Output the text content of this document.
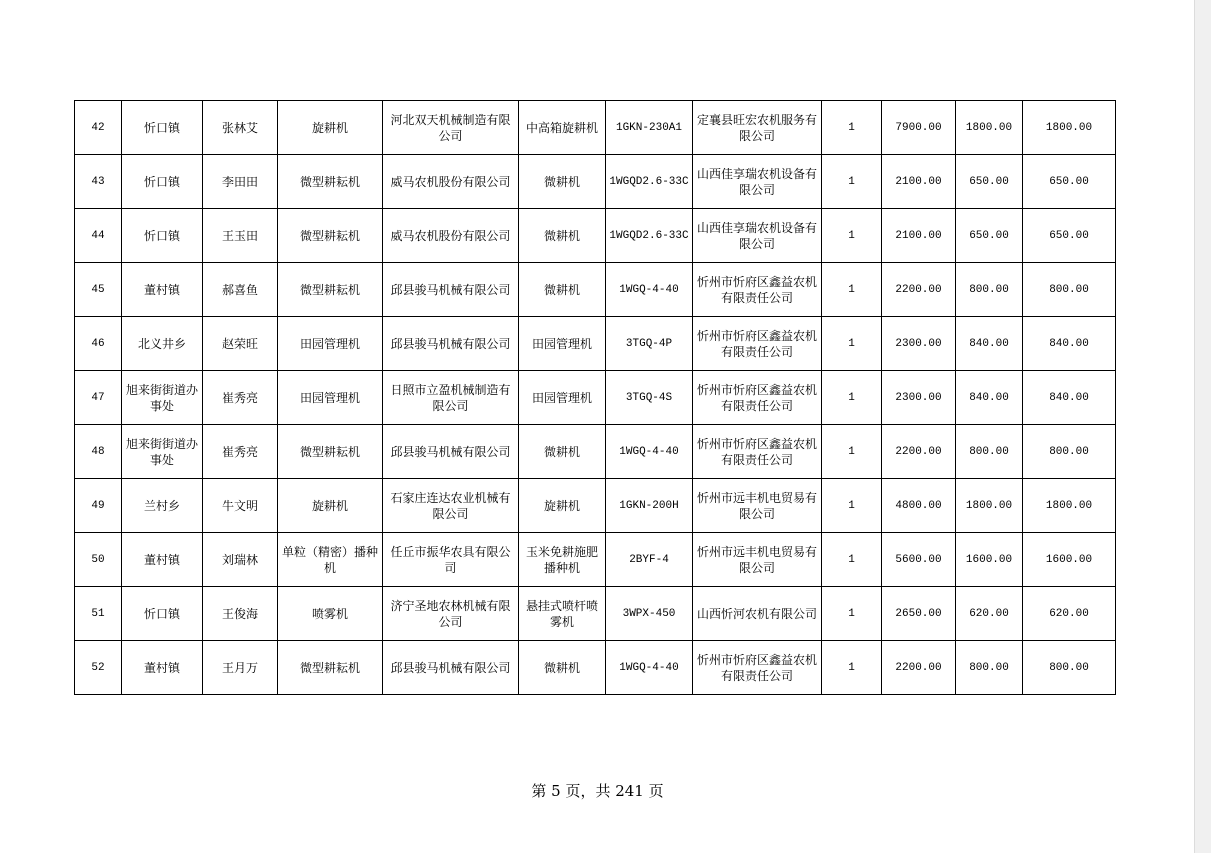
42	忻口镇	张林艾	旋耕机	河北双天机械制造有限公司	中高箱旋耕机	1GKN-230A1	定襄县旺宏农机服务有限公司	1	7900.00	1800.00	1800.00
43	忻口镇	李田田	微型耕耘机	威马农机股份有限公司	微耕机	1WGQD2.6-33C	山西佳享瑞农机设备有限公司	1	2100.00	650.00	650.00
44	忻口镇	王玉田	微型耕耘机	威马农机股份有限公司	微耕机	1WGQD2.6-33C	山西佳享瑞农机设备有限公司	1	2100.00	650.00	650.00
45	董村镇	郝喜鱼	微型耕耘机	邱县骏马机械有限公司	微耕机	1WGQ-4-40	忻州市忻府区鑫益农机有限责任公司	1	2200.00	800.00	800.00
46	北义井乡	赵荣旺	田园管理机	邱县骏马机械有限公司	田园管理机	3TGQ-4P	忻州市忻府区鑫益农机有限责任公司	1	2300.00	840.00	840.00
47	旭来街街道办事处	崔秀亮	田园管理机	日照市立盈机械制造有限公司	田园管理机	3TGQ-4S	忻州市忻府区鑫益农机有限责任公司	1	2300.00	840.00	840.00
48	旭来街街道办事处	崔秀亮	微型耕耘机	邱县骏马机械有限公司	微耕机	1WGQ-4-40	忻州市忻府区鑫益农机有限责任公司	1	2200.00	800.00	800.00
49	兰村乡	牛文明	旋耕机	石家庄连达农业机械有限公司	旋耕机	1GKN-200H	忻州市远丰机电贸易有限公司	1	4800.00	1800.00	1800.00
50	董村镇	刘瑞林	单粒（精密）播种机	任丘市振华农具有限公司	玉米免耕施肥播种机	2BYF-4	忻州市远丰机电贸易有限公司	1	5600.00	1600.00	1600.00
51	忻口镇	王俊海	喷雾机	济宁圣地农林机械有限公司	悬挂式喷杆喷雾机	3WPX-450	山西忻河农机有限公司	1	2650.00	620.00	620.00
52	董村镇	王月万	微型耕耘机	邱县骏马机械有限公司	微耕机	1WGQ-4-40	忻州市忻府区鑫益农机有限责任公司	1	2200.00	800.00	800.00
第 5 页，共 241 页
